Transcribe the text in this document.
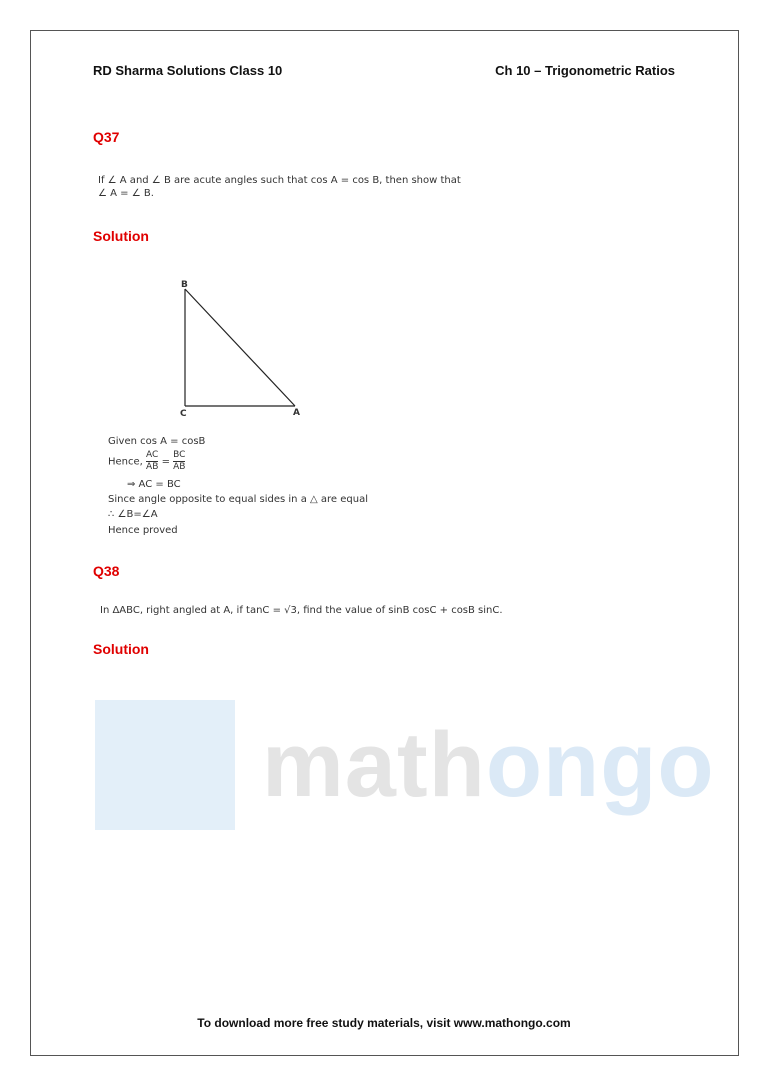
mathongo
RD Sharma Solutions Class 10	Ch 10 – Trigonometric Ratios
Q37
If ∠ A and ∠ B are acute angles such that cos A = cos B, then show that
∠ A = ∠ B.
Solution
B
C	A
Given cos A = cosB
Hence, $\frac{AC}{AB} = \frac{BC}{AB}$
⇒ AC = BC
Since angle opposite to equal sides in a △ are equal
∴ ∠B=∠A
Hence proved
Q38
In ΔABC, right angled at A, if tanC = √3, find the value of sinB cosC + cosB sinC.
Solution
To download more free study materials, visit www.mathongo.com
